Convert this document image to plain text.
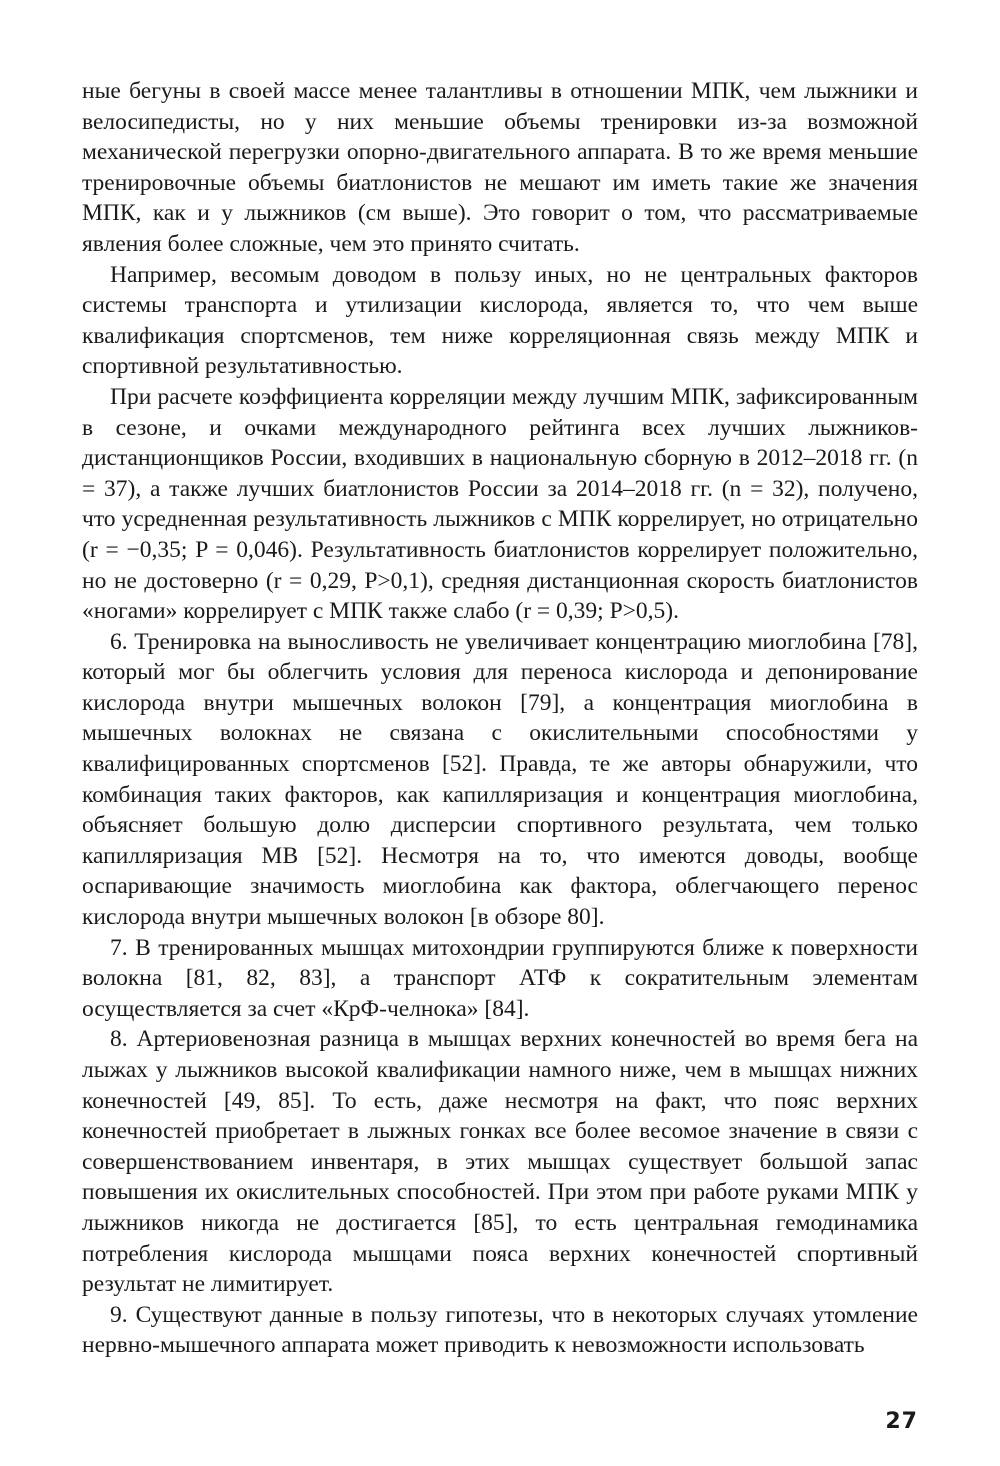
ные бегуны в своей массе менее талантливы в отношении МПК, чем лыжники и велосипедисты, но у них меньшие объемы тренировки из-за возможной механической перегрузки опорно-двигательного аппарата. В то же время меньшие тренировочные объемы биатлонистов не мешают им иметь такие же значения МПК, как и у лыжников (см выше). Это говорит о том, что рассматриваемые явления более сложные, чем это принято считать.

Например, весомым доводом в пользу иных, но не центральных факторов системы транспорта и утилизации кислорода, является то, что чем выше квалификация спортсменов, тем ниже корреляционная связь между МПК и спортивной результативностью.

При расчете коэффициента корреляции между лучшим МПК, зафиксированным в сезоне, и очками международного рейтинга всех лучших лыжников-дистанционщиков России, входивших в национальную сборную в 2012–2018 гг. (n = 37), а также лучших биатлонистов России за 2014–2018 гг. (n = 32), получено, что усредненная результативность лыжников с МПК коррелирует, но отрицательно (r = −0,35; P = 0,046). Результативность биатлонистов коррелирует положительно, но не достоверно (r = 0,29, P>0,1), средняя дистанционная скорость биатлонистов «ногами» коррелирует с МПК также слабо (r = 0,39; P>0,5).

6. Тренировка на выносливость не увеличивает концентрацию миоглобина [78], который мог бы облегчить условия для переноса кислорода и депонирование кислорода внутри мышечных волокон [79], а концентрация миоглобина в мышечных волокнах не связана с окислительными способностями у квалифицированных спортсменов [52]. Правда, те же авторы обнаружили, что комбинация таких факторов, как капилляризация и концентрация миоглобина, объясняет большую долю дисперсии спортивного результата, чем только капилляризация МВ [52]. Несмотря на то, что имеются доводы, вообще оспаривающие значимость миоглобина как фактора, облегчающего перенос кислорода внутри мышечных волокон [в обзоре 80].

7. В тренированных мышцах митохондрии группируются ближе к поверхности волокна [81, 82, 83], а транспорт АТФ к сократительным элементам осуществляется за счет «КрФ-челнока» [84].

8. Артериовенозная разница в мышцах верхних конечностей во время бега на лыжах у лыжников высокой квалификации намного ниже, чем в мышцах нижних конечностей [49, 85]. То есть, даже несмотря на факт, что пояс верхних конечностей приобретает в лыжных гонках все более весомое значение в связи с совершенствованием инвентаря, в этих мышцах существует большой запас повышения их окислительных способностей. При этом при работе руками МПК у лыжников никогда не достигается [85], то есть центральная гемодинамика потребления кислорода мышцами пояса верхних конечностей спортивный результат не лимитирует.

9. Существуют данные в пользу гипотезы, что в некоторых случаях утомление нервно-мышечного аппарата может приводить к невозможности использовать

27
